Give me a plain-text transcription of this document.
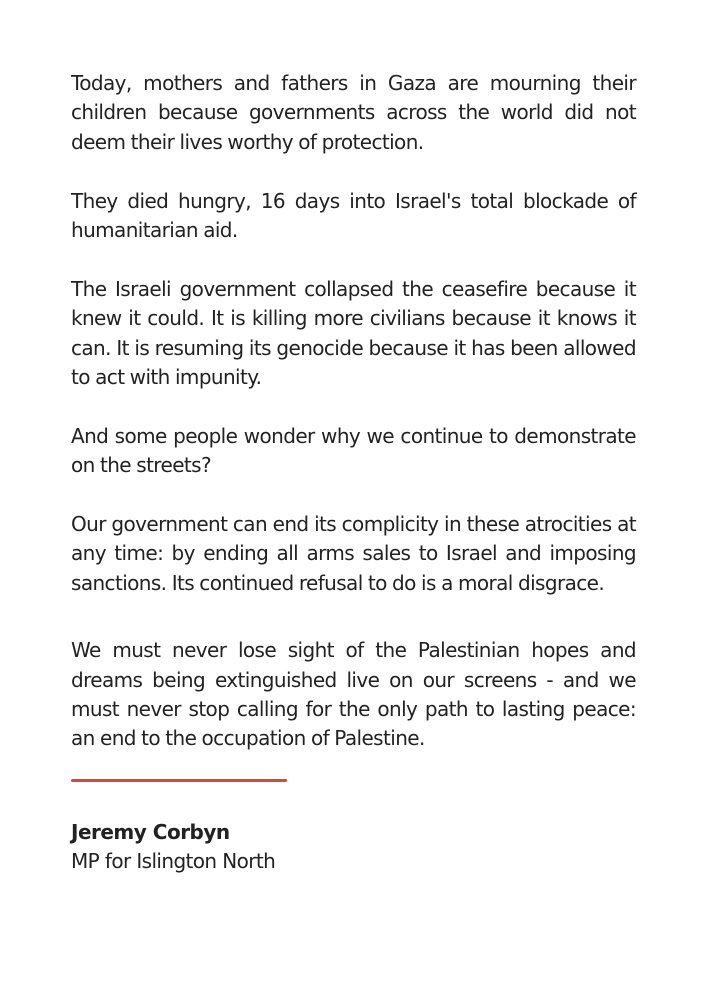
Today, mothers and fathers in Gaza are mourning their children because governments across the world did not deem their lives worthy of protection.

They died hungry, 16 days into Israel's total blockade of humanitarian aid.

The Israeli government collapsed the ceasefire because it knew it could. It is killing more civilians because it knows it can. It is resuming its genocide because it has been allowed to act with impunity.

And some people wonder why we continue to demonstrate on the streets?

Our government can end its complicity in these atrocities at any time: by ending all arms sales to Israel and imposing sanctions. Its continued refusal to do is a moral disgrace.

We must never lose sight of the Palestinian hopes and dreams being extinguished live on our screens - and we must never stop calling for the only path to lasting peace: an end to the occupation of Palestine.

Jeremy Corbyn

MP for Islington North
